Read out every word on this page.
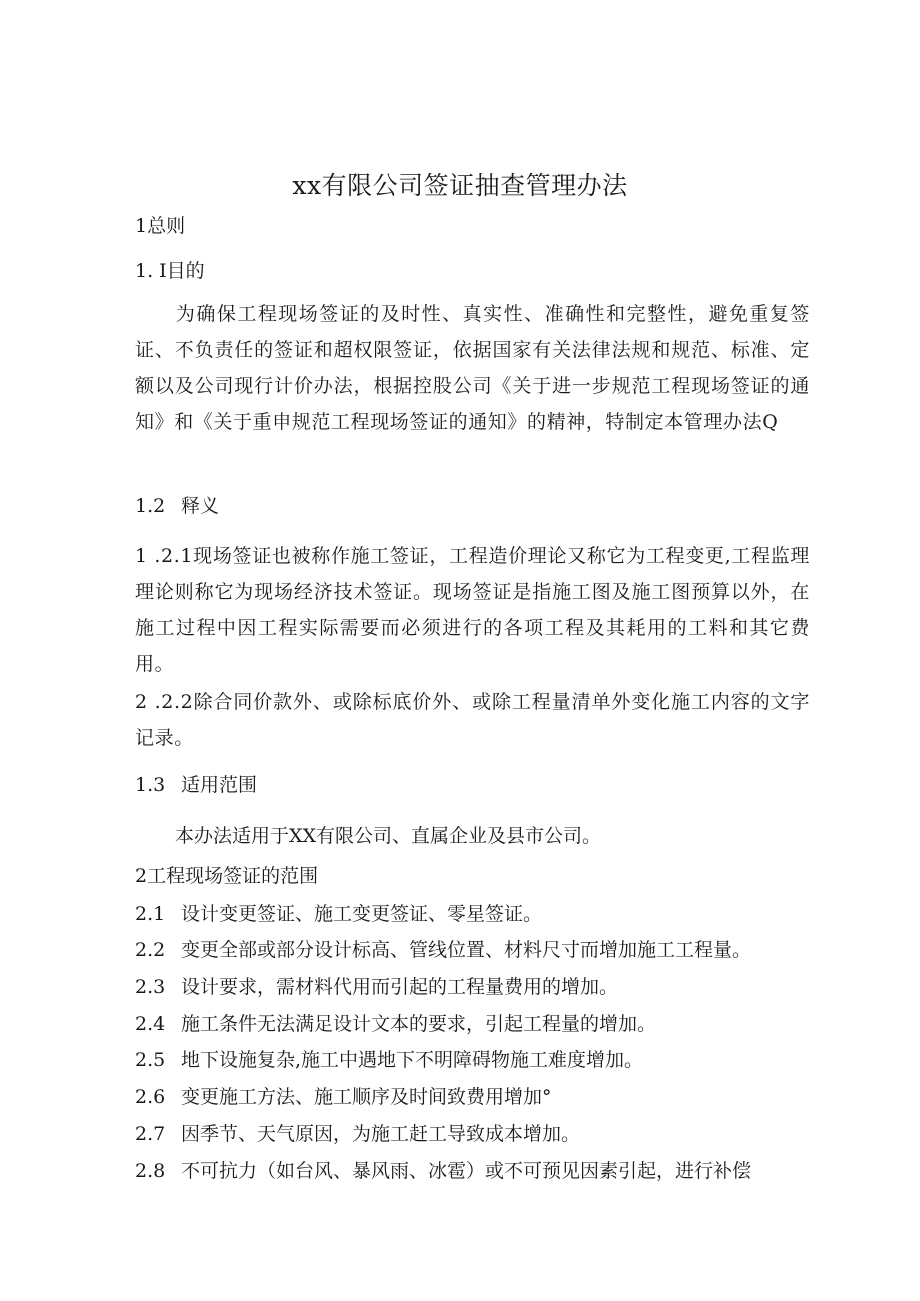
xx有限公司签证抽查管理办法
1总则
1. I目的
为确保工程现场签证的及时性、真实性、准确性和完整性，避免重复签证、不负责任的签证和超权限签证，依据国家有关法律法规和规范、标准、定额以及公司现行计价办法，根据控股公司《关于进一步规范工程现场签证的通知》和《关于重申规范工程现场签证的通知》的精神，特制定本管理办法Q
1.2 释义
1 .2.1现场签证也被称作施工签证，工程造价理论又称它为工程变更,工程监理理论则称它为现场经济技术签证。现场签证是指施工图及施工图预算以外，在施工过程中因工程实际需要而必须进行的各项工程及其耗用的工料和其它费用。
2 .2.2除合同价款外、或除标底价外、或除工程量清单外变化施工内容的文字记录。
1.3 适用范围
本办法适用于XX有限公司、直属企业及县市公司。
2工程现场签证的范围
2.1 设计变更签证、施工变更签证、零星签证。
2.2 变更全部或部分设计标高、管线位置、材料尺寸而增加施工工程量。
2.3 设计要求，需材料代用而引起的工程量费用的增加。
2.4 施工条件无法满足设计文本的要求，引起工程量的增加。
2.5 地下设施复杂,施工中遇地下不明障碍物施工难度增加。
2.6 变更施工方法、施工顺序及时间致费用增加°
2.7 因季节、天气原因，为施工赶工导致成本增加。
2.8 不可抗力（如台风、暴风雨、冰雹）或不可预见因素引起，进行补偿
